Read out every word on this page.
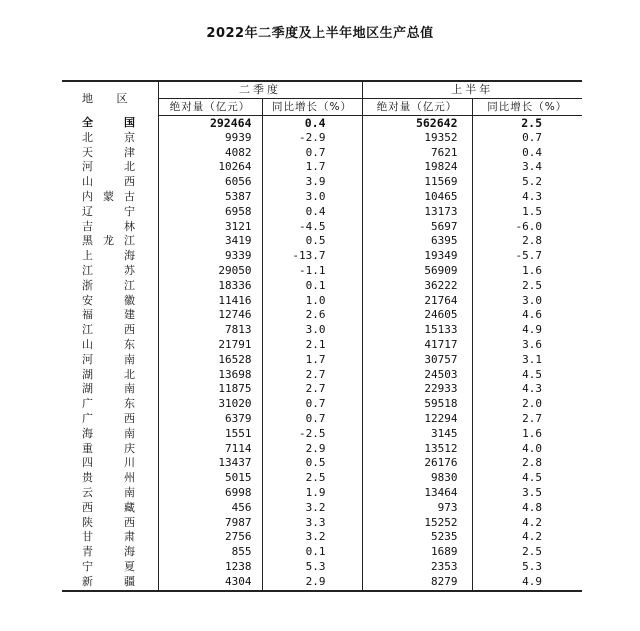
2022年二季度及上半年地区生产总值
地 区	二季度		上半年	
	绝对量（亿元）	同比增长（%）	绝对量（亿元）	同比增长（%）
全　国	292464	0.4	562642	2.5
北　京	9939	-2.9	19352	0.7
天　津	4082	0.7	7621	0.4
河　北	10264	1.7	19824	3.4
山　西	6056	3.9	11569	5.2
内蒙古	5387	3.0	10465	4.3
辽　宁	6958	0.4	13173	1.5
吉　林	3121	-4.5	5697	-6.0
黑龙江	3419	0.5	6395	2.8
上　海	9339	-13.7	19349	-5.7
江　苏	29050	-1.1	56909	1.6
浙　江	18336	0.1	36222	2.5
安　徽	11416	1.0	21764	3.0
福　建	12746	2.6	24605	4.6
江　西	7813	3.0	15133	4.9
山　东	21791	2.1	41717	3.6
河　南	16528	1.7	30757	3.1
湖　北	13698	2.7	24503	4.5
湖　南	11875	2.7	22933	4.3
广　东	31020	0.7	59518	2.0
广　西	6379	0.7	12294	2.7
海　南	1551	-2.5	3145	1.6
重　庆	7114	2.9	13512	4.0
四　川	13437	0.5	26176	2.8
贵　州	5015	2.5	9830	4.5
云　南	6998	1.9	13464	3.5
西　藏	456	3.2	973	4.8
陕　西	7987	3.3	15252	4.2
甘　肃	2756	3.2	5235	4.2
青　海	855	0.1	1689	2.5
宁　夏	1238	5.3	2353	5.3
新　疆	4304	2.9	8279	4.9
